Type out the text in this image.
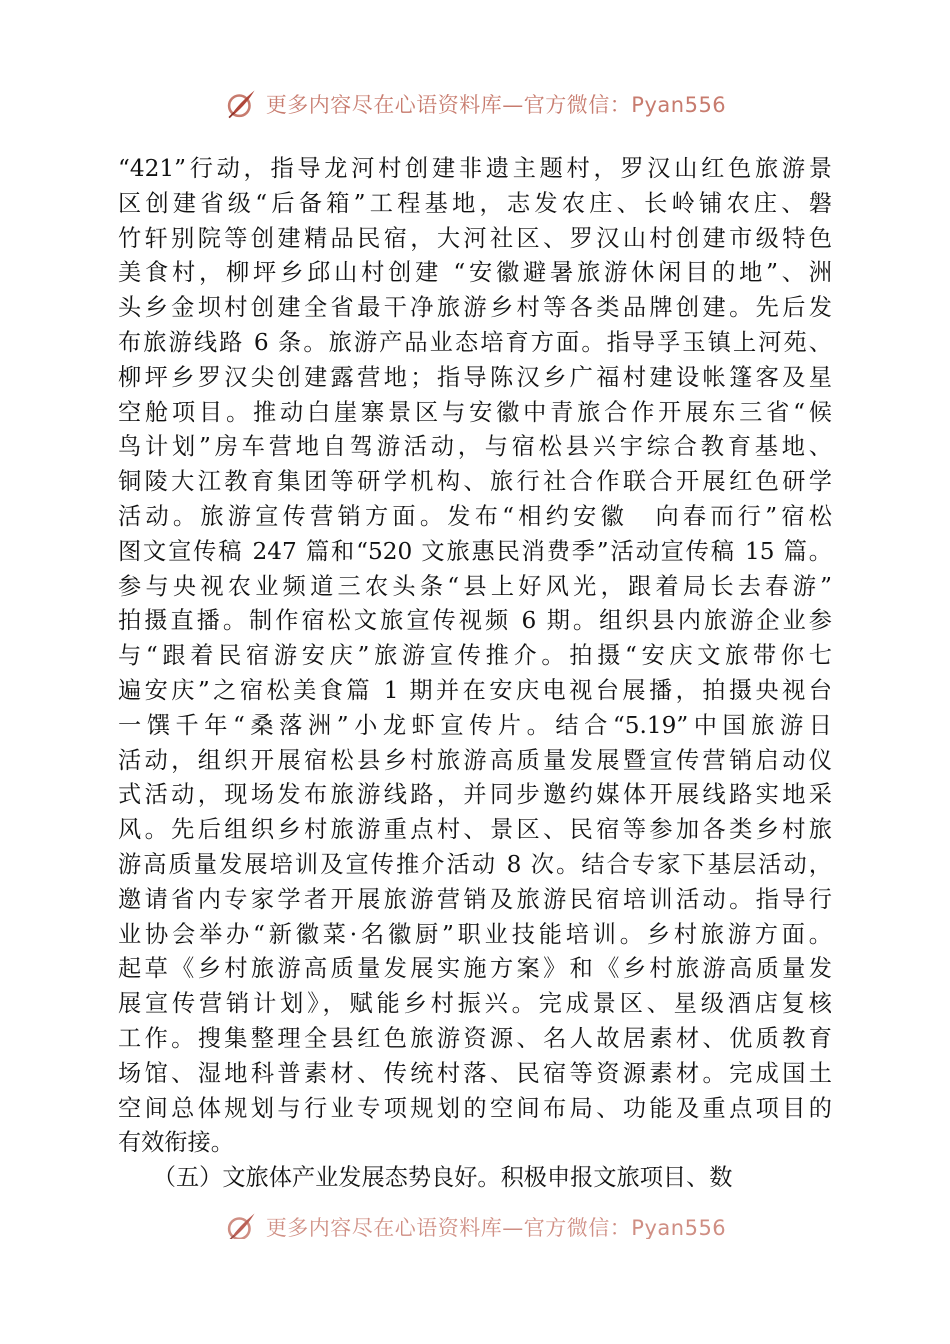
更多内容尽在心语资料库—官方微信：Pyan556
“421”行动，指导龙河村创建非遗主题村，罗汉山红色旅游景
区创建省级“后备箱”工程基地，志发农庄、长岭铺农庄、磐
竹轩别院等创建精品民宿，大河社区、罗汉山村创建市级特色
美食村，柳坪乡邱山村创建 “安徽避暑旅游休闲目的地”、洲
头乡金坝村创建全省最干净旅游乡村等各类品牌创建。先后发
布旅游线路 6 条。旅游产品业态培育方面。指导孚玉镇上河苑、
柳坪乡罗汉尖创建露营地；指导陈汉乡广福村建设帐篷客及星
空舱项目。推动白崖寨景区与安徽中青旅合作开展东三省“候
鸟计划”房车营地自驾游活动，与宿松县兴宇综合教育基地、
铜陵大江教育集团等研学机构、旅行社合作联合开展红色研学
活动。旅游宣传营销方面。发布“相约安徽　向春而行”宿松
图文宣传稿 247 篇和“520 文旅惠民消费季”活动宣传稿 15 篇。
参与央视农业频道三农头条“县上好风光，跟着局长去春游”
拍摄直播。制作宿松文旅宣传视频 6 期。组织县内旅游企业参
与“跟着民宿游安庆”旅游宣传推介。拍摄“安庆文旅带你七
遍安庆”之宿松美食篇 1 期并在安庆电视台展播，拍摄央视台
一馔千年“桑落洲”小龙虾宣传片。结合“5.19”中国旅游日
活动，组织开展宿松县乡村旅游高质量发展暨宣传营销启动仪
式活动，现场发布旅游线路，并同步邀约媒体开展线路实地采
风。先后组织乡村旅游重点村、景区、民宿等参加各类乡村旅
游高质量发展培训及宣传推介活动 8 次。结合专家下基层活动，
邀请省内专家学者开展旅游营销及旅游民宿培训活动。指导行
业协会举办“新徽菜·名徽厨”职业技能培训。乡村旅游方面。
起草《乡村旅游高质量发展实施方案》和《乡村旅游高质量发
展宣传营销计划》，赋能乡村振兴。完成景区、星级酒店复核
工作。搜集整理全县红色旅游资源、名人故居素材、优质教育
场馆、湿地科普素材、传统村落、民宿等资源素材。完成国土
空间总体规划与行业专项规划的空间布局、功能及重点项目的
有效衔接。
　　（五）文旅体产业发展态势良好。积极申报文旅项目、数
更多内容尽在心语资料库—官方微信：Pyan556
